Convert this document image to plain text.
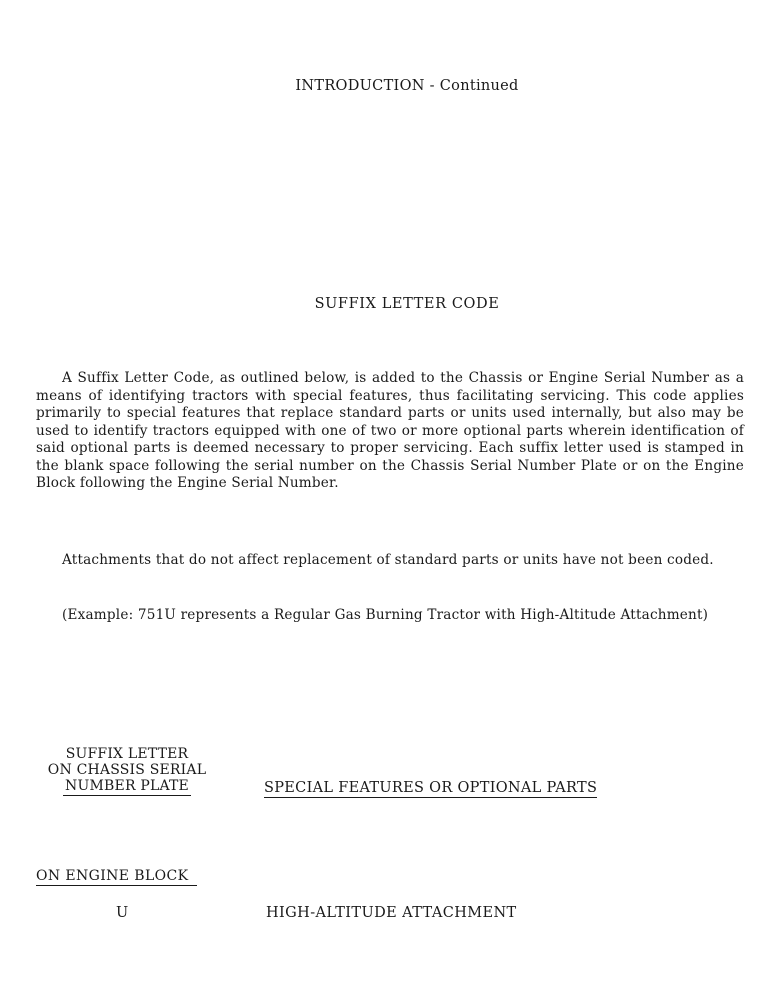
INTRODUCTION - Continued

SUFFIX LETTER CODE

A Suffix Letter Code, as outlined below, is added to the Chassis or Engine Serial Number as a means of identifying tractors with special features, thus facilitating servicing. This code applies primarily to special features that replace standard parts or units used internally, but also may be used to identify tractors equipped with one of two or more optional parts wherein identification of said optional parts is deemed necessary to proper servicing. Each suffix letter used is stamped in the blank space following the serial number on the Chassis Serial Number Plate or on the Engine Block following the Engine Serial Number.

Attachments that do not affect replacement of standard parts or units have not been coded.

(Example: 751U represents a Regular Gas Burning Tractor with High-Altitude Attachment)

SUFFIX LETTER
ON CHASSIS SERIAL
NUMBER PLATE	SPECIAL FEATURES OR OPTIONAL PARTS
ON ENGINE BLOCK
U	HIGH-ALTITUDE ATTACHMENT
